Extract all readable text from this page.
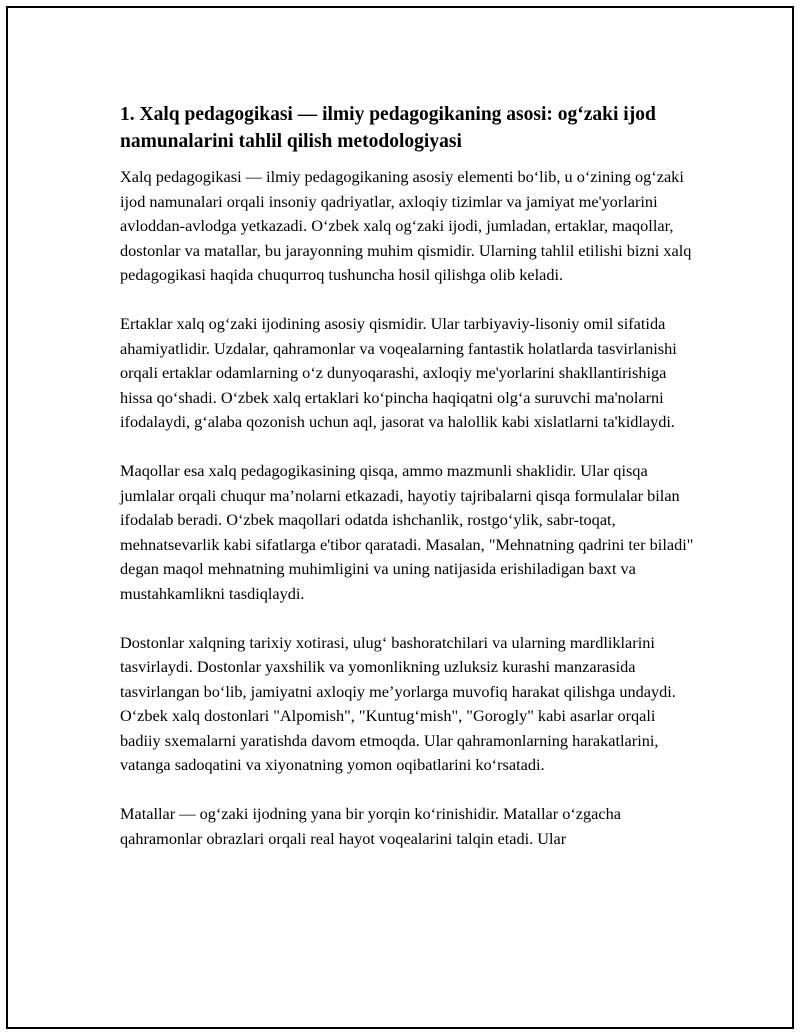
1. Xalq pedagogikasi — ilmiy pedagogikaning asosi: og‘zaki ijod namunalarini tahlil qilish metodologiyasi

Xalq pedagogikasi — ilmiy pedagogikaning asosiy elementi bo‘lib, u o‘zining og‘zaki ijod namunalari orqali insoniy qadriyatlar, axloqiy tizimlar va jamiyat me'yorlarini avloddan-avlodga yetkazadi. O‘zbek xalq og‘zaki ijodi, jumladan, ertaklar, maqollar, dostonlar va matallar, bu jarayonning muhim qismidir. Ularning tahlil etilishi bizni xalq pedagogikasi haqida chuqurroq tushuncha hosil qilishga olib keladi.

Ertaklar xalq og‘zaki ijodining asosiy qismidir. Ular tarbiyaviy-lisoniy omil sifatida ahamiyatlidir. Uzdalar, qahramonlar va voqealarning fantastik holatlarda tasvirlanishi orqali ertaklar odamlarning o‘z dunyoqarashi, axloqiy me'yorlarini shakllantirishiga hissa qo‘shadi. O‘zbek xalq ertaklari ko‘pincha haqiqatni olg‘a suruvchi ma'nolarni ifodalaydi, g‘alaba qozonish uchun aql, jasorat va halollik kabi xislatlarni ta'kidlaydi.

Maqollar esa xalq pedagogikasining qisqa, ammo mazmunli shaklidir. Ular qisqa jumlalar orqali chuqur ma’nolarni etkazadi, hayotiy tajribalarni qisqa formulalar bilan ifodalab beradi. O‘zbek maqollari odatda ishchanlik, rostgo‘ylik, sabr-toqat, mehnatsevarlik kabi sifatlarga e'tibor qaratadi. Masalan, "Mehnatning qadrini ter biladi" degan maqol mehnatning muhimligini va uning natijasida erishiladigan baxt va mustahkamlikni tasdiqlaydi.

Dostonlar xalqning tarixiy xotirasi, ulug‘ bashoratchilari va ularning mardliklarini tasvirlaydi. Dostonlar yaxshilik va yomonlikning uzluksiz kurashi manzarasida tasvirlangan bo‘lib, jamiyatni axloqiy me’yorlarga muvofiq harakat qilishga undaydi. O‘zbek xalq dostonlari "Alpomish", "Kuntug‘mish", "Gorogly" kabi asarlar orqali badiiy sxemalarni yaratishda davom etmoqda. Ular qahramonlarning harakatlarini, vatanga sadoqatini va xiyonatning yomon oqibatlarini ko‘rsatadi.

Matallar — og‘zaki ijodning yana bir yorqin ko‘rinishidir. Matallar o‘zgacha qahramonlar obrazlari orqali real hayot voqealarini talqin etadi. Ular
